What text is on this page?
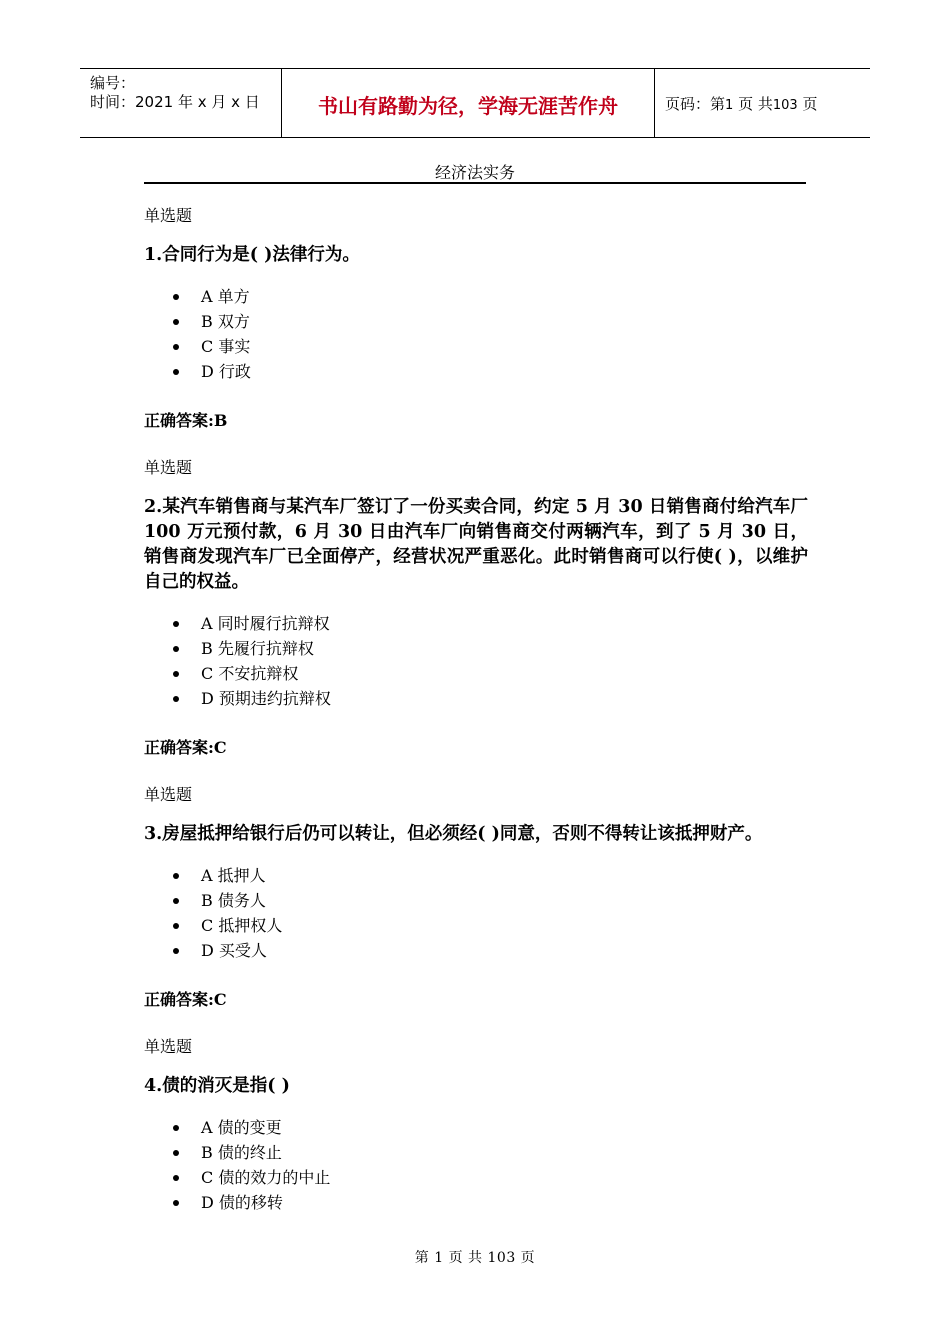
编号：
时间：2021 年 x 月 x 日	书山有路勤为径，学海无涯苦作舟	页码：第1 页 共103 页
经济法实务
单选题
1.合同行为是( )法律行为。
A 单方
B 双方
C 事实
D 行政
正确答案:B
单选题
2.某汽车销售商与某汽车厂签订了一份买卖合同，约定 5 月 30 日销售商付给汽车厂 100 万元预付款，6 月 30 日由汽车厂向销售商交付两辆汽车，到了 5 月 30 日，销售商发现汽车厂已全面停产，经营状况严重恶化。此时销售商可以行使( )，以维护自己的权益。
A 同时履行抗辩权
B 先履行抗辩权
C 不安抗辩权
D 预期违约抗辩权
正确答案:C
单选题
3.房屋抵押给银行后仍可以转让，但必须经( )同意，否则不得转让该抵押财产。
A 抵押人
B 债务人
C 抵押权人
D 买受人
正确答案:C
单选题
4.债的消灭是指( )
A 债的变更
B 债的终止
C 债的效力的中止
D 债的移转
第 1 页 共 103 页
